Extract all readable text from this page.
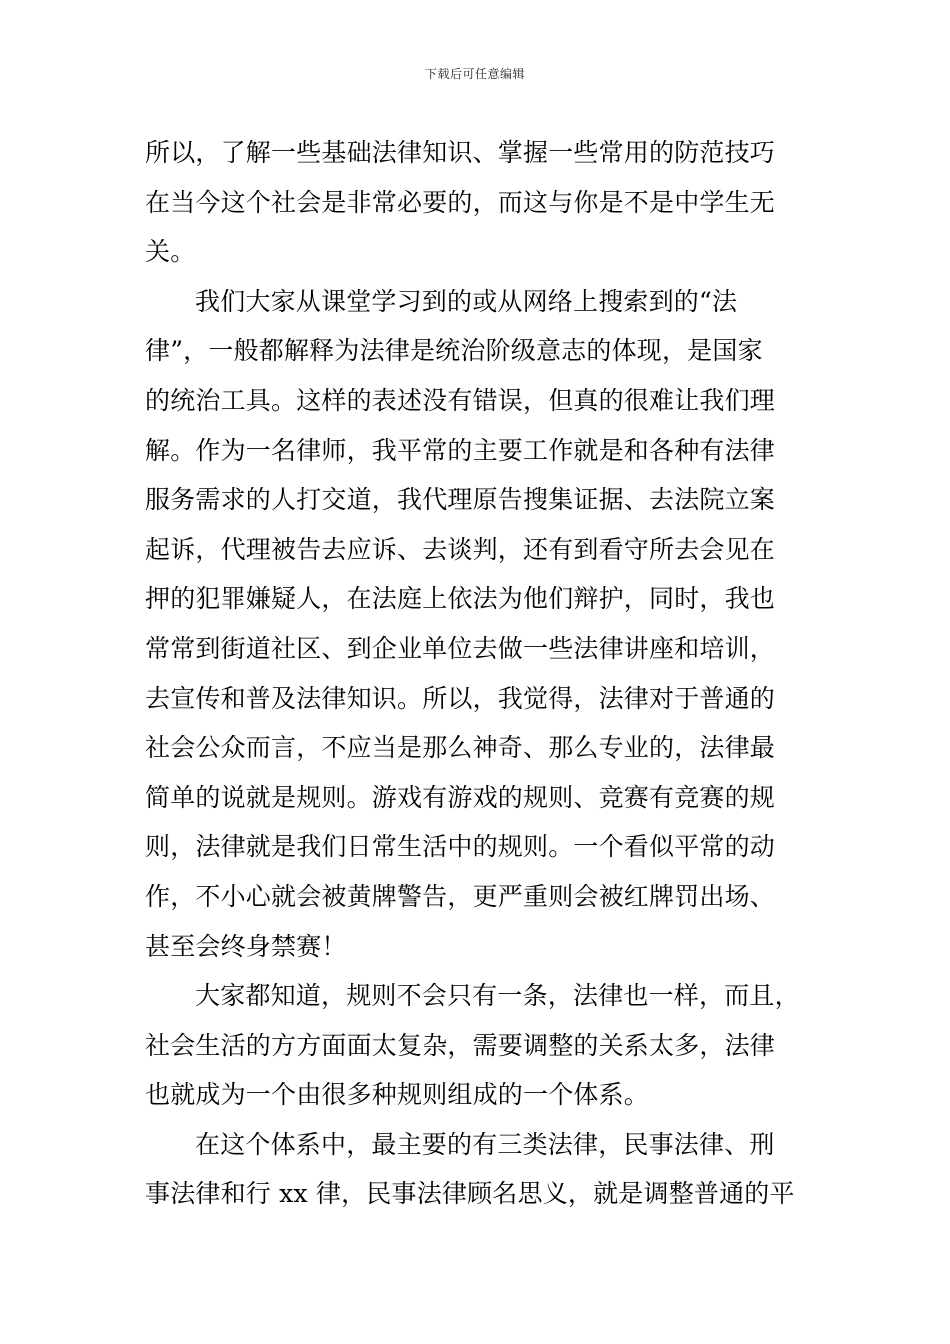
下载后可任意编辑
所以，了解一些基础法律知识、掌握一些常用的防范技巧
在当今这个社会是非常必要的，而这与你是不是中学生无
关。
我们大家从课堂学习到的或从网络上搜索到的“法
律”，一般都解释为法律是统治阶级意志的体现，是国家
的统治工具。这样的表述没有错误，但真的很难让我们理
解。作为一名律师，我平常的主要工作就是和各种有法律
服务需求的人打交道，我代理原告搜集证据、去法院立案
起诉，代理被告去应诉、去谈判，还有到看守所去会见在
押的犯罪嫌疑人，在法庭上依法为他们辩护，同时，我也
常常到街道社区、到企业单位去做一些法律讲座和培训，
去宣传和普及法律知识。所以，我觉得，法律对于普通的
社会公众而言，不应当是那么神奇、那么专业的，法律最
简单的说就是规则。游戏有游戏的规则、竞赛有竞赛的规
则，法律就是我们日常生活中的规则。一个看似平常的动
作，不小心就会被黄牌警告，更严重则会被红牌罚出场、
甚至会终身禁赛！
大家都知道，规则不会只有一条，法律也一样，而且，
社会生活的方方面面太复杂，需要调整的关系太多，法律
也就成为一个由很多种规则组成的一个体系。
在这个体系中，最主要的有三类法律，民事法律、刑
事法律和行 xx 律，民事法律顾名思义，就是调整普通的平
